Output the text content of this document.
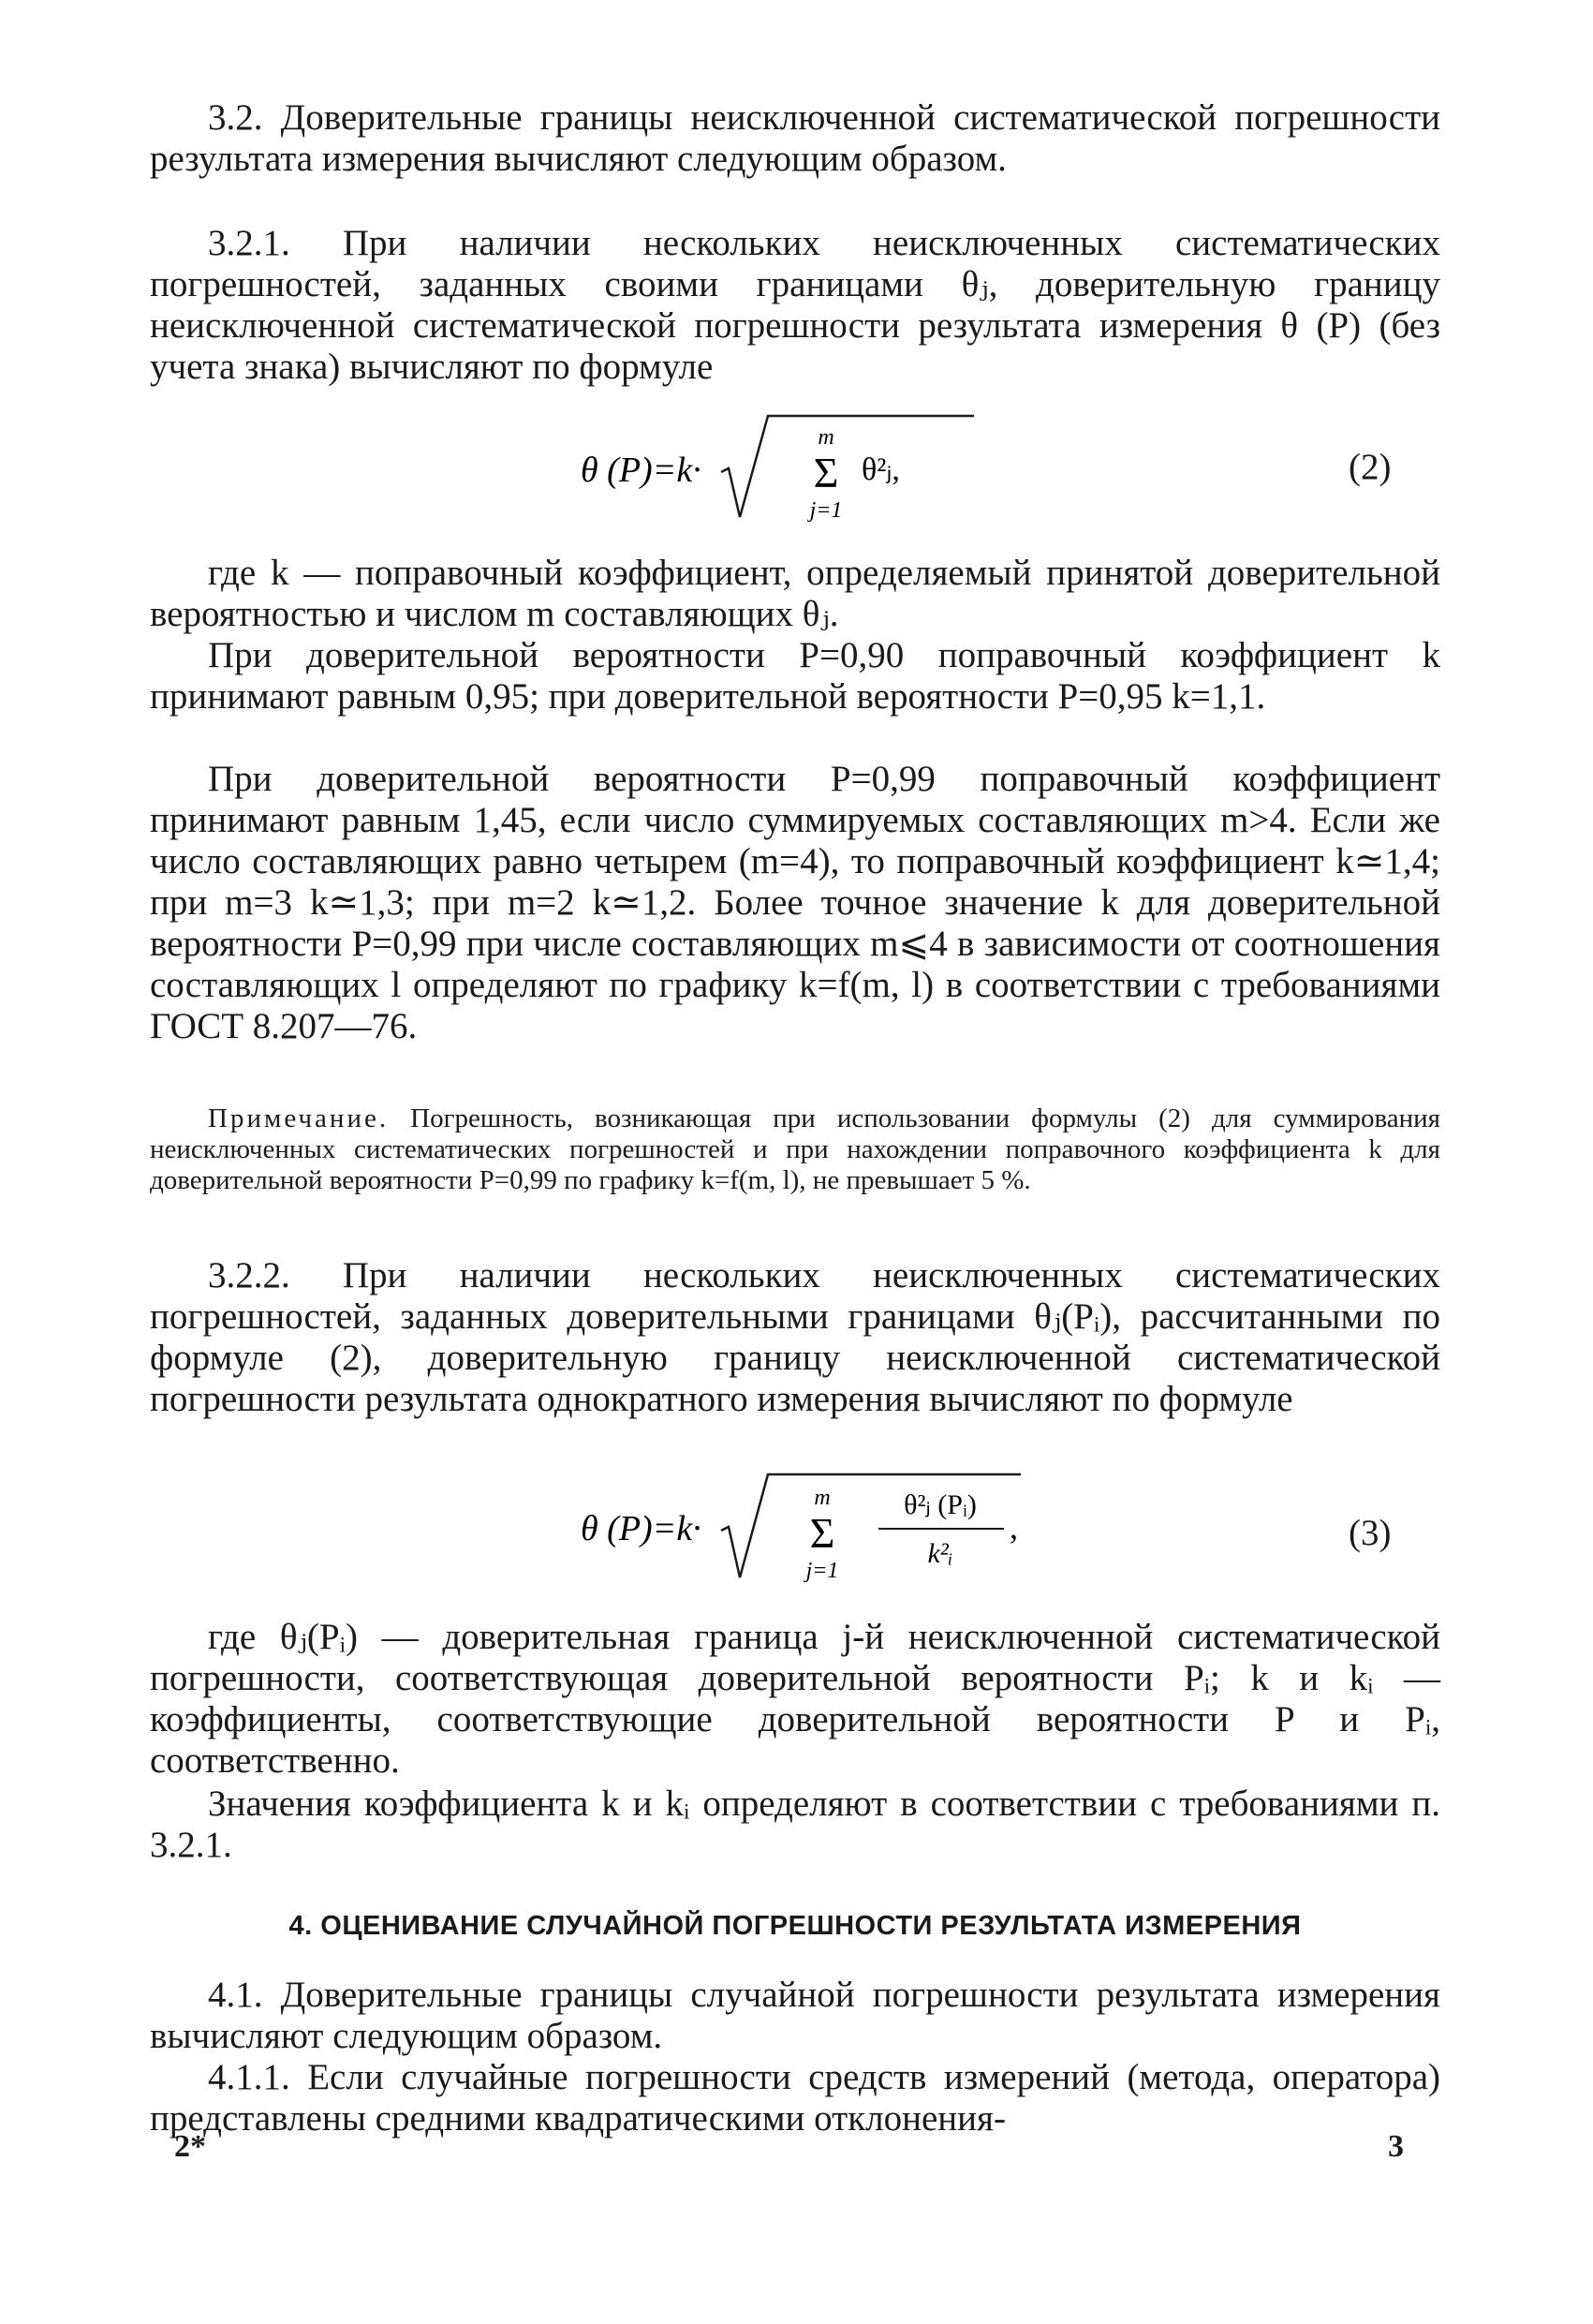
3.2. Доверительные границы неисключенной систематической погрешности результата измерения вычисляют следующим образом.

3.2.1. При наличии нескольких неисключенных систематических погрешностей, заданных своими границами θⱼ, доверительную границу неисключенной систематической погрешности результата измерения θ (P) (без учета знака) вычисляют по формуле

θ (P)=k·
m
Σ
j=1
θ²ⱼ,	(2)

где k — поправочный коэффициент, определяемый принятой доверительной вероятностью и числом m составляющих θⱼ.

При доверительной вероятности P=0,90 поправочный коэффициент k принимают равным 0,95; при доверительной вероятности P=0,95 k=1,1.

При доверительной вероятности P=0,99 поправочный коэффициент принимают равным 1,45, если число суммируемых составляющих m>4. Если же число составляющих равно четырем (m=4), то поправочный коэффициент k≃1,4; при m=3 k≃1,3; при m=2 k≃1,2. Более точное значение k для доверительной вероятности P=0,99 при числе составляющих m⩽4 в зависимости от соотношения составляющих l определяют по графику k=f(m, l) в соответствии с требованиями ГОСТ 8.207—76.

Примечание. Погрешность, возникающая при использовании формулы (2) для суммирования неисключенных систематических погрешностей и при нахождении поправочного коэффициента k для доверительной вероятности P=0,99 по графику k=f(m, l), не превышает 5 %.

3.2.2. При наличии нескольких неисключенных систематических погрешностей, заданных доверительными границами θⱼ(Pᵢ), рассчитанными по формуле (2), доверительную границу неисключенной систематической погрешности результата однократного измерения вычисляют по формуле

θ (P)=k·
m
Σ
j=1
θ²ⱼ (Pᵢ)
k²ᵢ
,	(3)

где θⱼ(Pᵢ) — доверительная граница j-й неисключенной систематической погрешности, соответствующая доверительной вероятности Pᵢ; k и kᵢ — коэффициенты, соответствующие доверительной вероятности P и Pᵢ, соответственно.

Значения коэффициента k и kᵢ определяют в соответствии с требованиями п. 3.2.1.

4. ОЦЕНИВАНИЕ СЛУЧАЙНОЙ ПОГРЕШНОСТИ РЕЗУЛЬТАТА ИЗМЕРЕНИЯ

4.1. Доверительные границы случайной погрешности результата измерения вычисляют следующим образом.

4.1.1. Если случайные погрешности средств измерений (метода, оператора) представлены средними квадратическими отклонения-

2*	3
